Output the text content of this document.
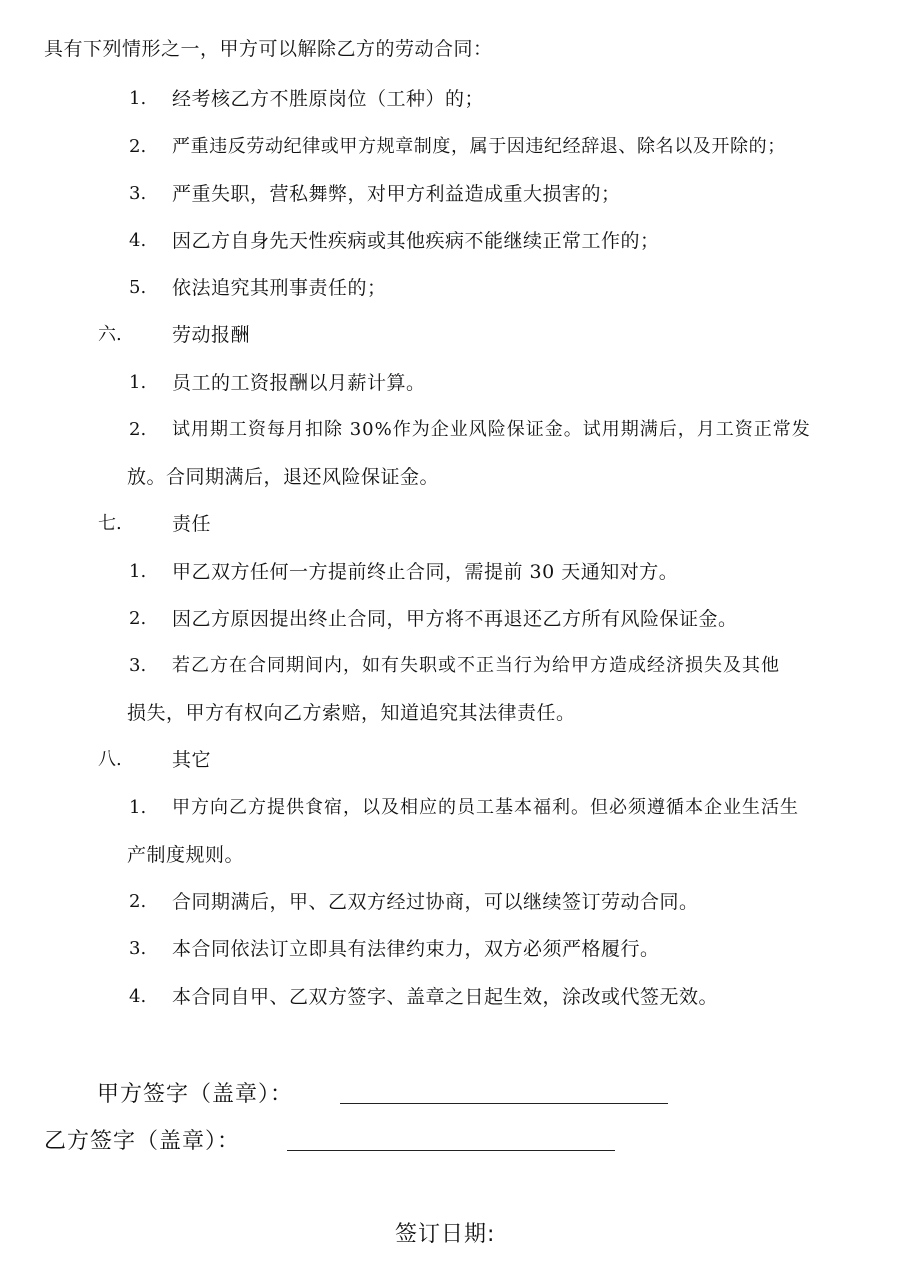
具有下列情形之一，甲方可以解除乙方的劳动合同：
1. 经考核乙方不胜原岗位（工种）的；
2. 严重违反劳动纪律或甲方规章制度，属于因违纪经辞退、除名以及开除的；
3. 严重失职，营私舞弊，对甲方利益造成重大损害的；
4. 因乙方自身先天性疾病或其他疾病不能继续正常工作的；
5. 依法追究其刑事责任的；
六.	劳动报酬
1. 员工的工资报酬以月薪计算。
2. 试用期工资每月扣除 30%作为企业风险保证金。试用期满后，月工资正常发
放。合同期满后，退还风险保证金。
七.	责任
1. 甲乙双方任何一方提前终止合同，需提前 30 天通知对方。
2. 因乙方原因提出终止合同，甲方将不再退还乙方所有风险保证金。
3. 若乙方在合同期间内，如有失职或不正当行为给甲方造成经济损失及其他
损失，甲方有权向乙方索赔，知道追究其法律责任。
八.	其它
1. 甲方向乙方提供食宿，以及相应的员工基本福利。但必须遵循本企业生活生
产制度规则。
2. 合同期满后，甲、乙双方经过协商，可以继续签订劳动合同。
3. 本合同依法订立即具有法律约束力，双方必须严格履行。
4. 本合同自甲、乙双方签字、盖章之日起生效，涂改或代签无效。
甲方签字（盖章）：
乙方签字（盖章）：
签订日期:
